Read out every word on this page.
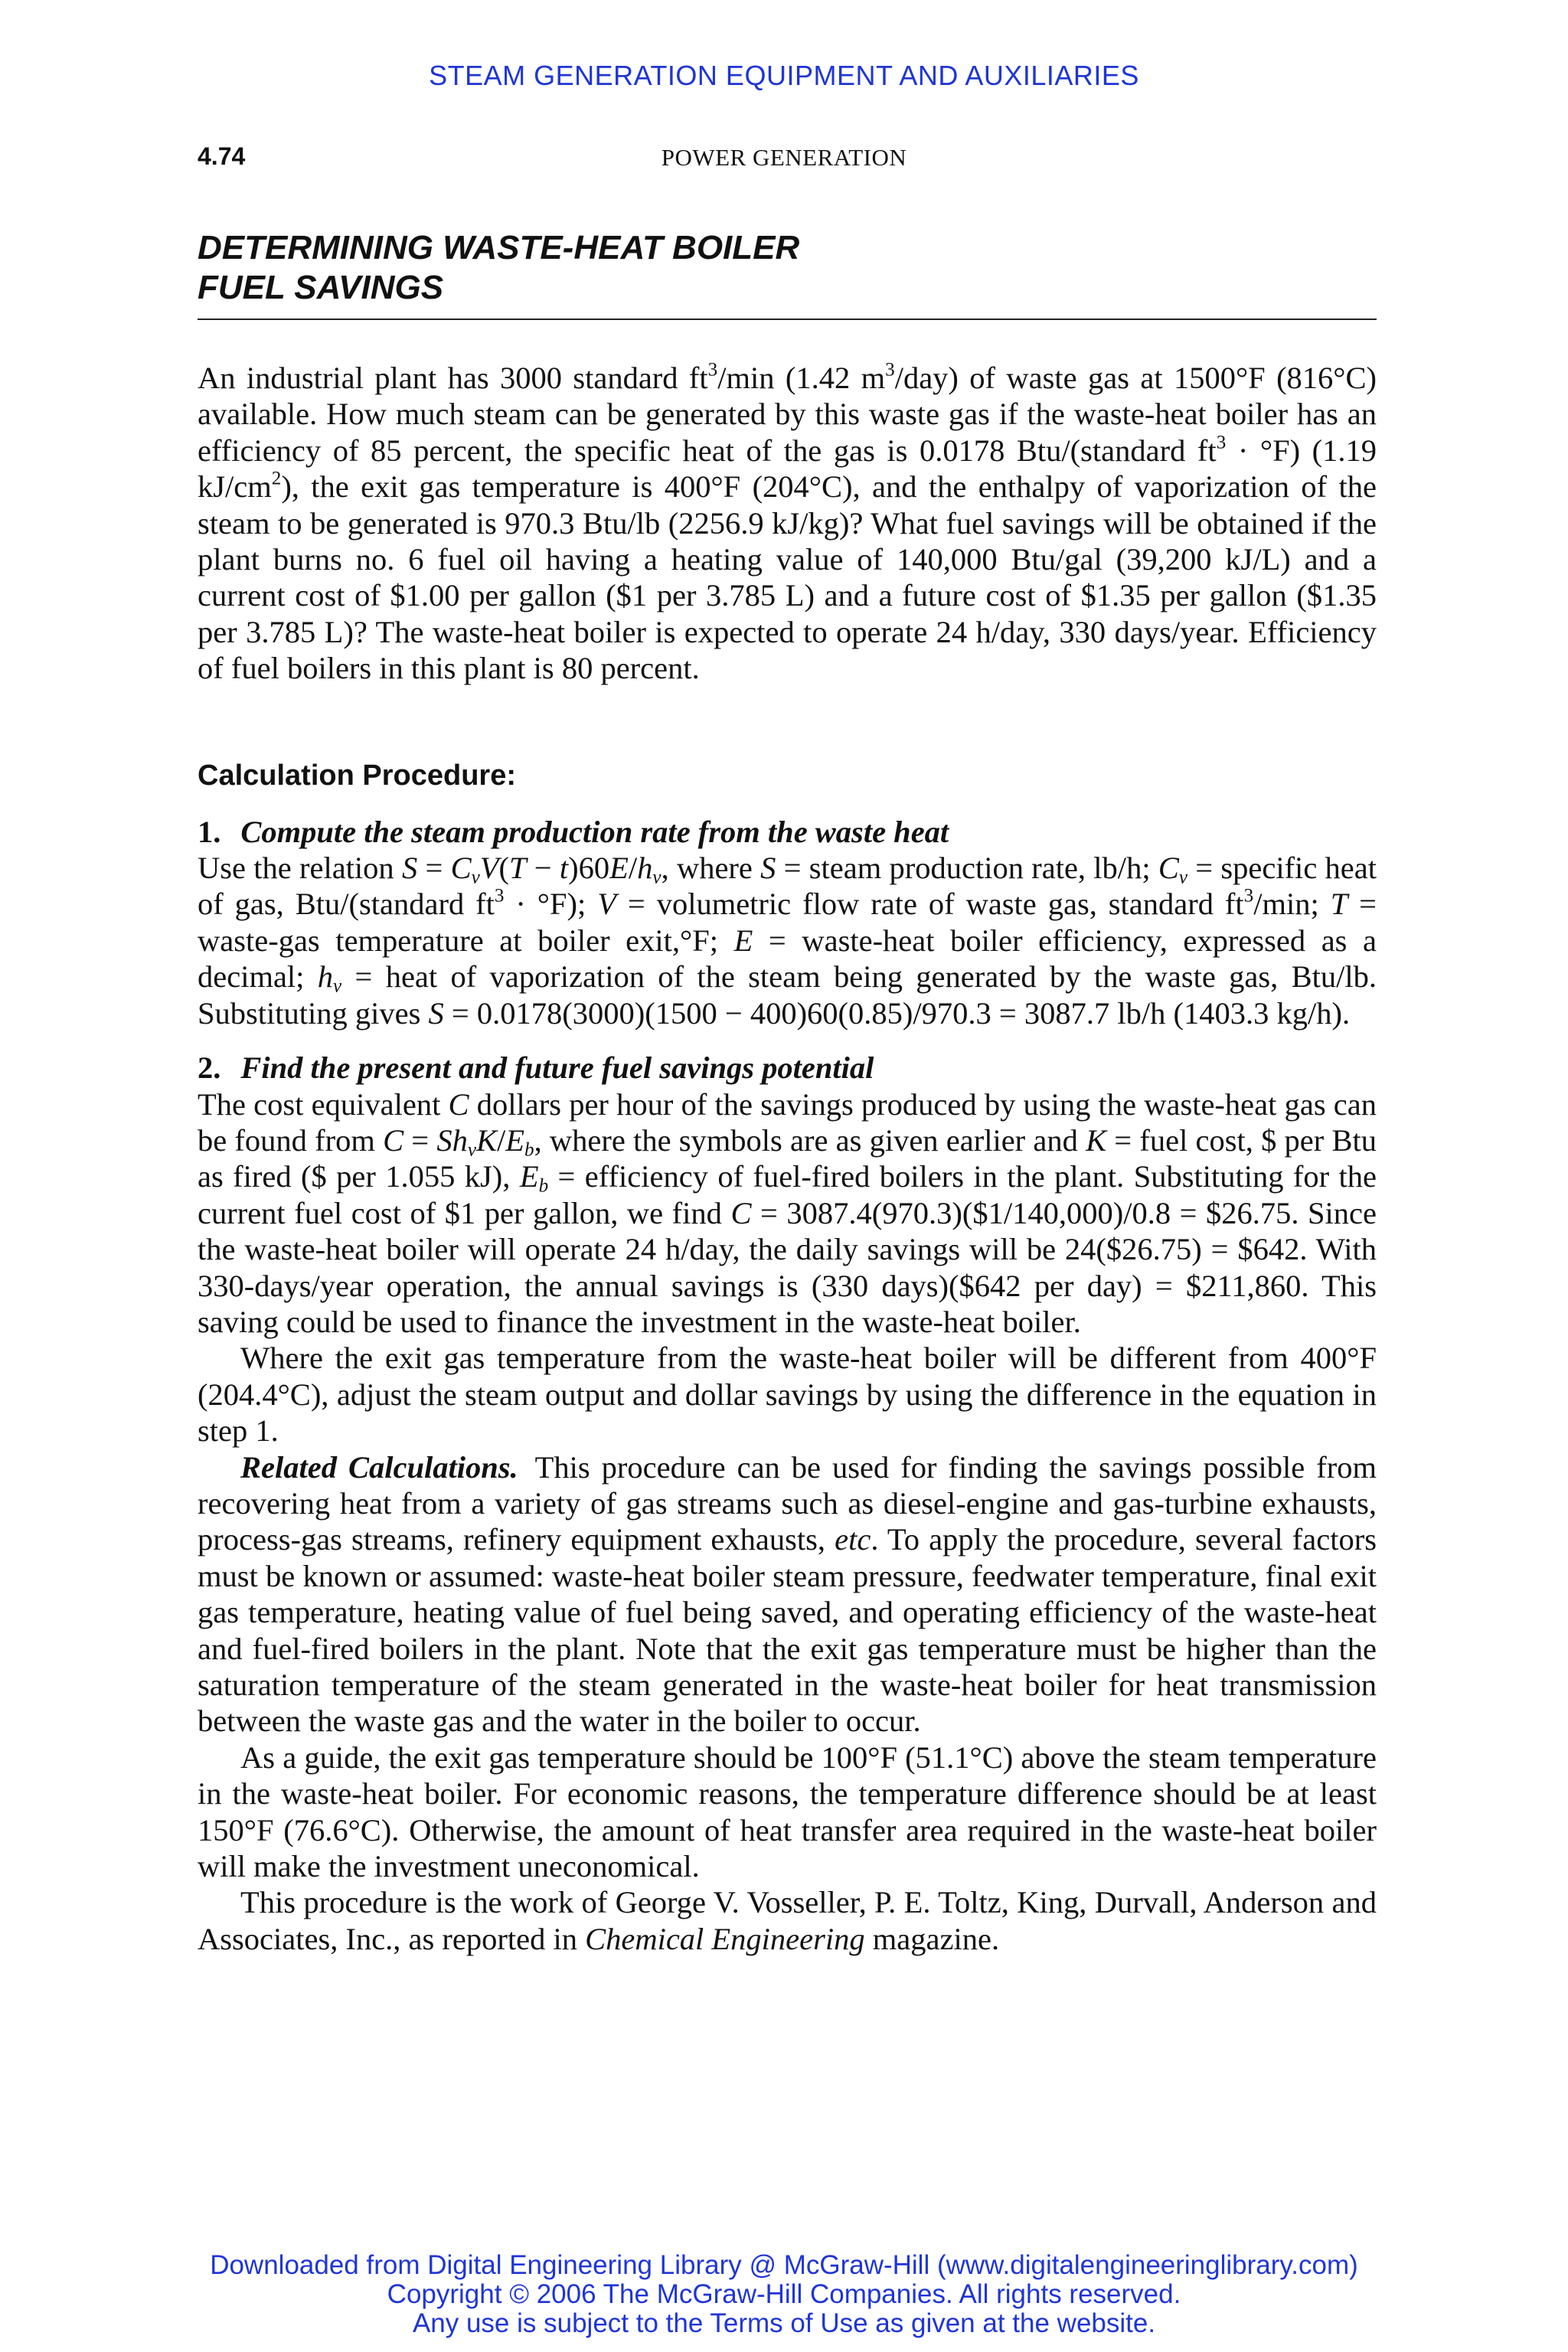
STEAM GENERATION EQUIPMENT AND AUXILIARIES
4.74	POWER GENERATION
DETERMINING WASTE-HEAT BOILER
FUEL SAVINGS

An industrial plant has 3000 standard $ft^3/\min$ (1.42 $m^3/day$) of waste gas at 1500°F (816°C) available. How much steam can be generated by this waste gas if the waste-heat boiler has an efficiency of 85 percent, the specific heat of the gas is 0.0178 Btu/(standard $ft^3 \cdot ^\circ F$) (1.19 $kJ/cm^2$), the exit gas temperature is 400°F (204°C), and the enthalpy of vaporization of the steam to be generated is 970.3 Btu/lb (2256.9 kJ/kg)? What fuel savings will be obtained if the plant burns no. 6 fuel oil having a heating value of 140,000 Btu/gal (39,200 kJ/L) and a current cost of $1.00 per gallon ($1 per 3.785 L) and a future cost of $1.35 per gallon ($1.35 per 3.785 L)? The waste-heat boiler is expected to operate 24 h/day, 330 days/year. Efficiency of fuel boilers in this plant is 80 percent.

Calculation Procedure:

1. Compute the steam production rate from the waste heat

Use the relation $S = C_vV(T - t)60E/h_v$, where S = steam production rate, lb/h; $C_v$ = specific heat of gas, Btu/(standard $ft^3 \cdot ^\circ F$); V = volumetric flow rate of waste gas, standard $ft^3/\min$; T = waste-gas temperature at boiler exit,°F; E = waste-heat boiler efficiency, expressed as a decimal; $h_v$ = heat of vaporization of the steam being generated by the waste gas, Btu/lb. Substituting gives S = 0.0178(3000)(1500 − 400)60(0.85)/970.3 = 3087.7 lb/h (1403.3 kg/h).

2. Find the present and future fuel savings potential

The cost equivalent C dollars per hour of the savings produced by using the waste-heat gas can be found from $C = Sh_vK/E_b$, where the symbols are as given earlier and K = fuel cost, $ per Btu as fired ($ per 1.055 kJ), $E_b$ = efficiency of fuel-fired boilers in the plant. Substituting for the current fuel cost of $1 per gallon, we find C = 3087.4(970.3)($1/140,000)/0.8 = $26.75. Since the waste-heat boiler will operate 24 h/day, the daily savings will be 24($26.75) = $642. With 330-days/year operation, the annual savings is (330 days)($642 per day) = $211,860. This saving could be used to finance the investment in the waste-heat boiler.

Where the exit gas temperature from the waste-heat boiler will be different from 400°F (204.4°C), adjust the steam output and dollar savings by using the difference in the equation in step 1.

Related Calculations. This procedure can be used for finding the savings possible from recovering heat from a variety of gas streams such as diesel-engine and gas-turbine exhausts, process-gas streams, refinery equipment exhausts, etc. To apply the procedure, several factors must be known or assumed: waste-heat boiler steam pressure, feedwater temperature, final exit gas temperature, heating value of fuel being saved, and operating efficiency of the waste-heat and fuel-fired boilers in the plant. Note that the exit gas temperature must be higher than the saturation temperature of the steam generated in the waste-heat boiler for heat transmission between the waste gas and the water in the boiler to occur.

As a guide, the exit gas temperature should be 100°F (51.1°C) above the steam temperature in the waste-heat boiler. For economic reasons, the temperature difference should be at least 150°F (76.6°C). Otherwise, the amount of heat transfer area required in the waste-heat boiler will make the investment uneconomical.

This procedure is the work of George V. Vosseller, P. E. Toltz, King, Durvall, Anderson and Associates, Inc., as reported in Chemical Engineering magazine.

Downloaded from Digital Engineering Library @ McGraw-Hill (www.digitalengineeringlibrary.com)
Copyright © 2006 The McGraw-Hill Companies. All rights reserved.
Any use is subject to the Terms of Use as given at the website.
